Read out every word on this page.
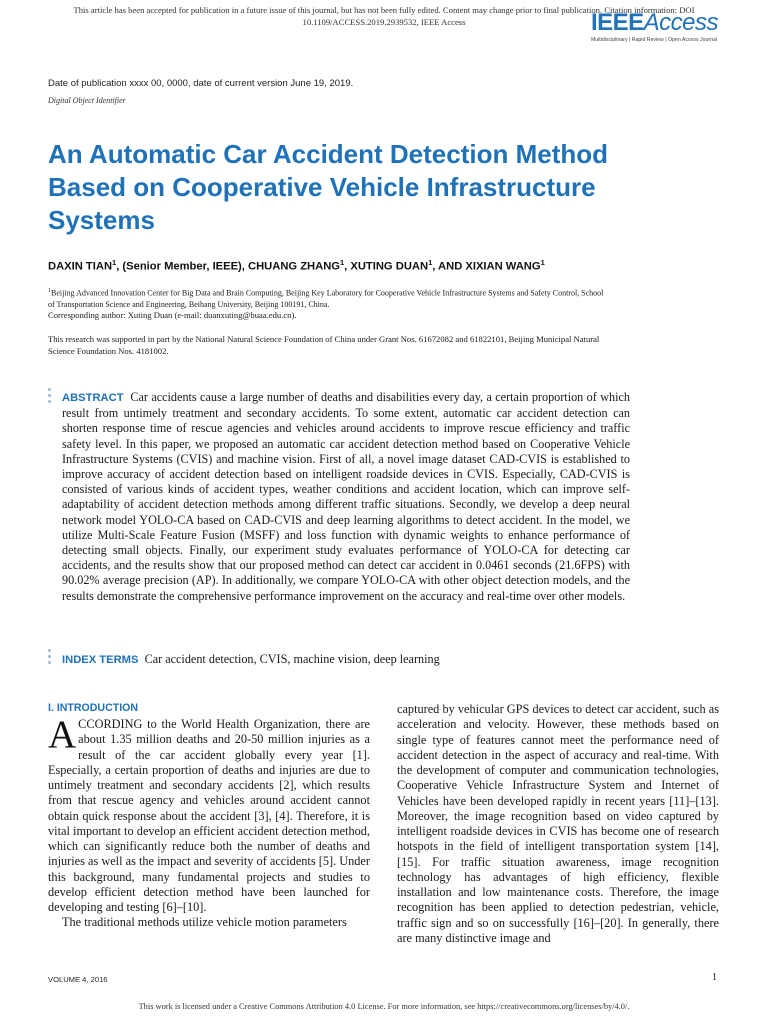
This article has been accepted for publication in a future issue of this journal, but has not been fully edited. Content may change prior to final publication. Citation information: DOI
10.1109/ACCESS.2019.2939532, IEEE Access	IEEEAccess
Multidisciplinary | Rapid Review | Open Access Journal
Date of publication xxxx 00, 0000, date of current version June 19, 2019.
Digital Object Identifier
An Automatic Car Accident Detection Method Based on Cooperative Vehicle Infrastructure Systems
DAXIN TIAN$^1$, (Senior Member, IEEE), CHUANG ZHANG$^1$, XUTING DUAN$^1$, AND XIXIAN WANG$^1$
$^1$Beijing Advanced Innovation Center for Big Data and Brain Computing, Beijing Key Laboratory for Cooperative Vehicle Infrastructure Systems and Safety Control, School of Transportation Science and Engineering, Beihang University, Beijing 100191, China.
Corresponding author: Xuting Duan (e-mail: duanxuting@buaa.edu.cn).
This research was supported in part by the National Natural Science Foundation of China under Grant Nos. 61672082 and 61822101, Beijing Municipal Natural Science Foundation Nos. 4181002.
ABSTRACT Car accidents cause a large number of deaths and disabilities every day, a certain proportion of which result from untimely treatment and secondary accidents. To some extent, automatic car accident detection can shorten response time of rescue agencies and vehicles around accidents to improve rescue efficiency and traffic safety level. In this paper, we proposed an automatic car accident detection method based on Cooperative Vehicle Infrastructure Systems (CVIS) and machine vision. First of all, a novel image dataset CAD-CVIS is established to improve accuracy of accident detection based on intelligent roadside devices in CVIS. Especially, CAD-CVIS is consisted of various kinds of accident types, weather conditions and accident location, which can improve self-adaptability of accident detection methods among different traffic situations. Secondly, we develop a deep neural network model YOLO-CA based on CAD-CVIS and deep learning algorithms to detect accident. In the model, we utilize Multi-Scale Feature Fusion (MSFF) and loss function with dynamic weights to enhance performance of detecting small objects. Finally, our experiment study evaluates performance of YOLO-CA for detecting car accidents, and the results show that our proposed method can detect car accident in 0.0461 seconds (21.6FPS) with 90.02% average precision (AP). In additionally, we compare YOLO-CA with other object detection models, and the results demonstrate the comprehensive performance improvement on the accuracy and real-time over other models.
INDEX TERMS Car accident detection, CVIS, machine vision, deep learning
I. INTRODUCTION
ACCORDING to the World Health Organization, there are about 1.35 million deaths and 20-50 million injuries as a result of the car accident globally every year [1]. Especially, a certain proportion of deaths and injuries are due to untimely treatment and secondary accidents [2], which results from that rescue agency and vehicles around accident cannot obtain quick response about the accident [3], [4]. Therefore, it is vital important to develop an efficient accident detection method, which can significantly reduce both the number of deaths and injuries as well as the impact and severity of accidents [5]. Under this background, many fundamental projects and studies to develop efficient detection method have been launched for developing and testing [6]–[10].
The traditional methods utilize vehicle motion parameters
captured by vehicular GPS devices to detect car accident, such as acceleration and velocity. However, these methods based on single type of features cannot meet the performance need of accident detection in the aspect of accuracy and real-time. With the development of computer and communication technologies, Cooperative Vehicle Infrastructure System and Internet of Vehicles have been developed rapidly in recent years [11]–[13]. Moreover, the image recognition based on video captured by intelligent roadside devices in CVIS has become one of research hotspots in the field of intelligent transportation system [14], [15]. For traffic situation awareness, image recognition technology has advantages of high efficiency, flexible installation and low maintenance costs. Therefore, the image recognition has been applied to detection pedestrian, vehicle, traffic sign and so on successfully [16]–[20]. In generally, there are many distinctive image and
VOLUME 4, 2016	1
This work is licensed under a Creative Commons Attribution 4.0 License. For more information, see https://creativecommons.org/licenses/by/4.0/.
